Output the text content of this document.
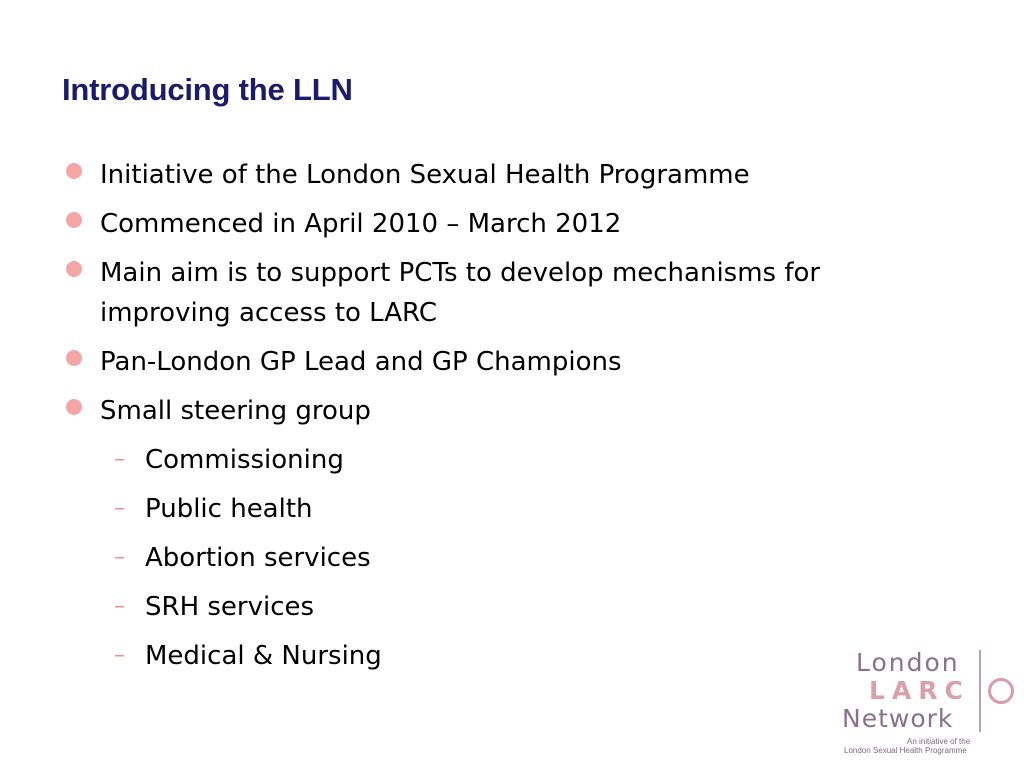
Introducing the LLN
Initiative of the London Sexual Health Programme
Commenced in April 2010 – March 2012
Main aim is to support PCTs to develop mechanisms for improving access to LARC
Pan-London GP Lead and GP Champions
Small steering group
– Commissioning
– Public health
– Abortion services
– SRH services
– Medical & Nursing	London
LARC
Network
An initiative of the
London Sexual Health Programme
